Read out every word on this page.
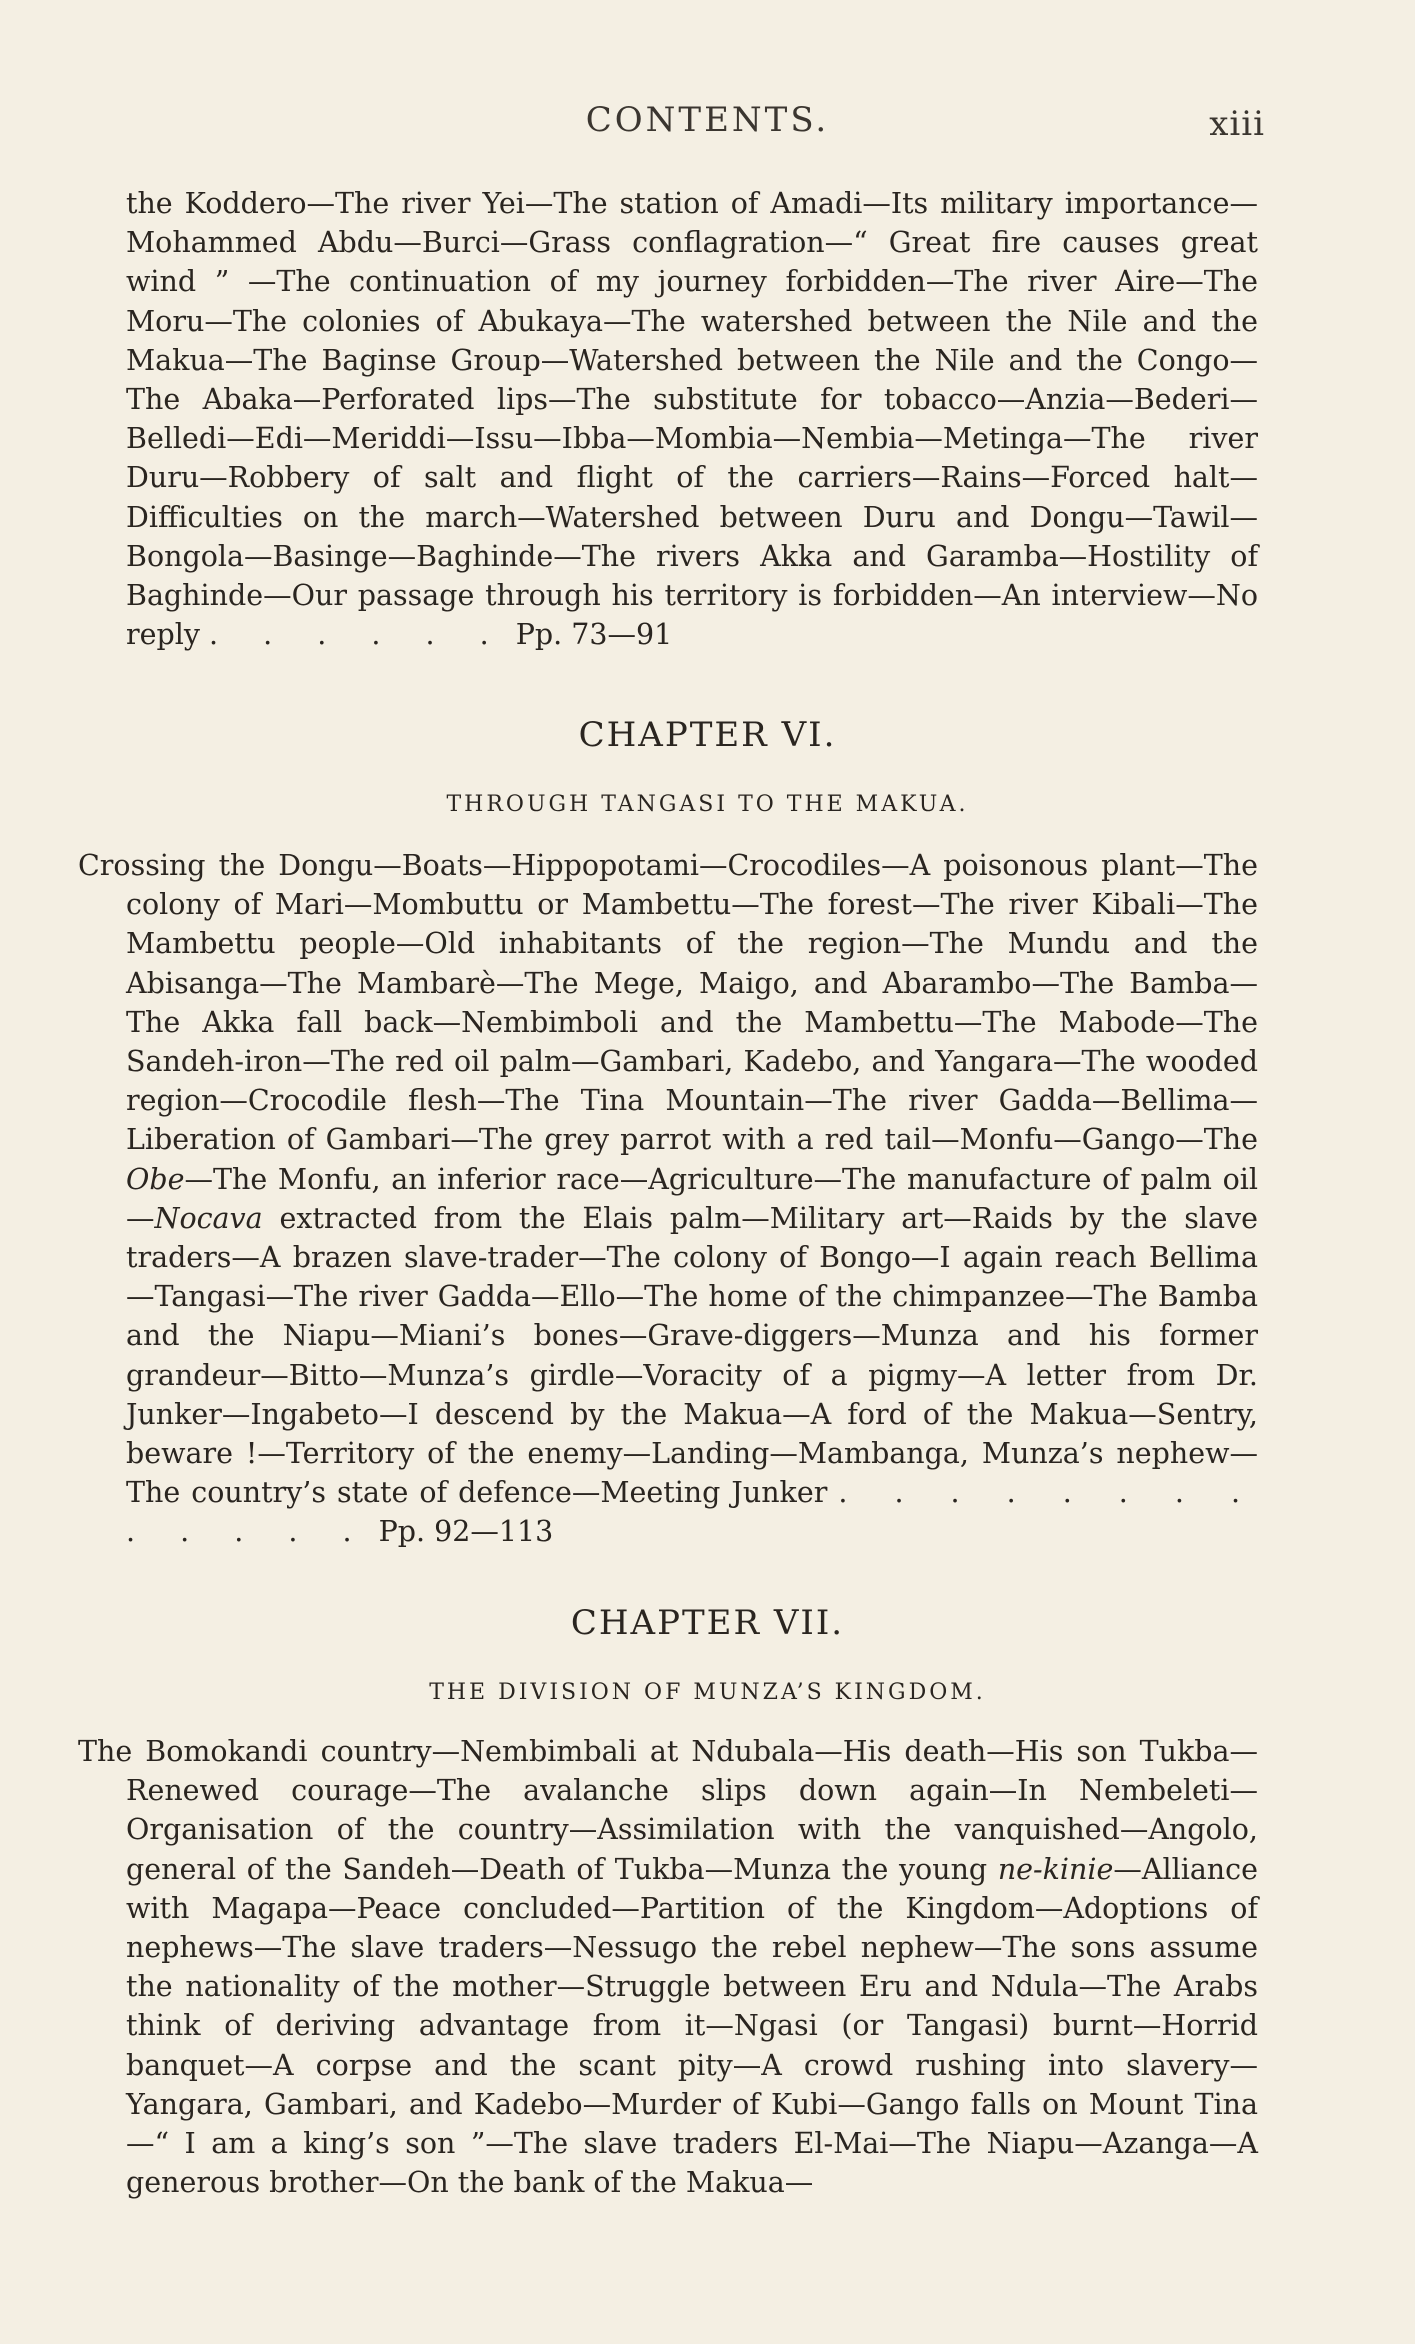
CONTENTS.	xiii
the Koddero—The river Yei—The station of Amadi—Its military importance—Mohammed Abdu—Burci—Grass conflagration—“ Great fire causes great wind ” —The continuation of my journey forbidden—The river Aire—The Moru—The colonies of Abukaya—The watershed between the Nile and the Makua—The Baginse Group—Watershed between the Nile and the Congo—The Abaka—Perforated lips—The substitute for tobacco—Anzia—Bederi—Belledi—Edi—Meriddi—Issu—Ibba—Mombia—Nembia—Metinga—The river Duru—Robbery of salt and flight of the carriers—Rains—Forced halt—Difficulties on the march—Watershed between Duru and Dongu—Tawil—Bongola—Basinge—Baghinde—The rivers Akka and Garamba—Hostility of Baghinde—Our passage through his territory is forbidden—An interview—No reply . . . . . . Pp. 73—91
CHAPTER VI.
THROUGH TANGASI TO THE MAKUA.
Crossing the Dongu—Boats—Hippopotami—Crocodiles—A poisonous plant—The colony of Mari—Mombuttu or Mambettu—The forest—The river Kibali—The Mambettu people—Old inhabitants of the region—The Mundu and the Abisanga—The Mambarè—The Mege, Maigo, and Abarambo—The Bamba—The Akka fall back—Nembimboli and the Mambettu—The Mabode—The Sandeh-iron—The red oil palm—Gambari, Kadebo, and Yangara—The wooded region—Crocodile flesh—The Tina Mountain—The river Gadda—Bellima—Liberation of Gambari—The grey parrot with a red tail—Monfu—Gango—The Obe—The Monfu, an inferior race—Agriculture—The manufacture of palm oil—Nocava extracted from the Elais palm—Military art—Raids by the slave traders—A brazen slave-trader—The colony of Bongo—I again reach Bellima—Tangasi—The river Gadda—Ello—The home of the chimpanzee—The Bamba and the Niapu—Miani’s bones—Grave-diggers—Munza and his former grandeur—Bitto—Munza’s girdle—Voracity of a pigmy—A letter from Dr. Junker—Ingabeto—I descend by the Makua—A ford of the Makua—Sentry, beware !—Territory of the enemy—Landing—Mambanga, Munza’s nephew—The country’s state of defence—Meeting Junker . . . . . . . . . . . . . Pp. 92—113
CHAPTER VII.
THE DIVISION OF MUNZA’S KINGDOM.
The Bomokandi country—Nembimbali at Ndubala—His death—His son Tukba—Renewed courage—The avalanche slips down again—In Nembeleti—Organisation of the country—Assimilation with the vanquished—Angolo, general of the Sandeh—Death of Tukba—Munza the young ne-kinie—Alliance with Magapa—Peace concluded—Partition of the Kingdom—Adoptions of nephews—The slave traders—Nessugo the rebel nephew—The sons assume the nationality of the mother—Struggle between Eru and Ndula—The Arabs think of deriving advantage from it—Ngasi (or Tangasi) burnt—Horrid banquet—A corpse and the scant pity—A crowd rushing into slavery—Yangara, Gambari, and Kadebo—Murder of Kubi—Gango falls on Mount Tina—“ I am a king’s son ”—The slave traders El-Mai—The Niapu—Azanga—A generous brother—On the bank of the Makua—
